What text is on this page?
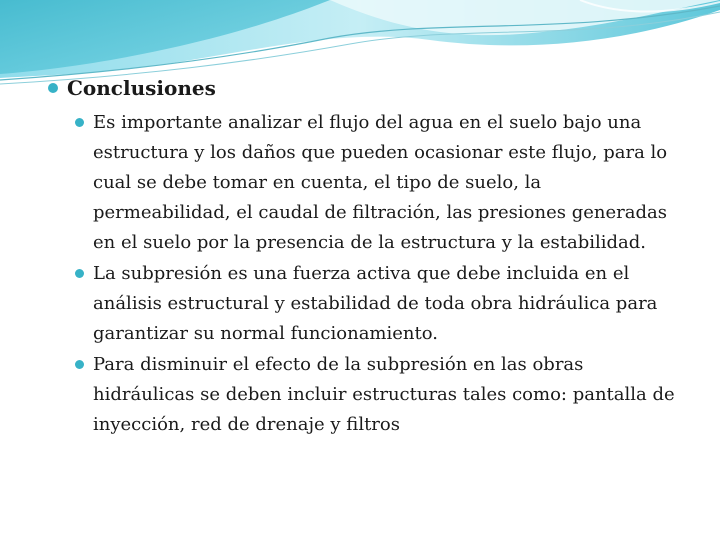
Conclusiones
Es importante analizar el flujo del agua en el suelo bajo una estructura y los daños que pueden ocasionar este flujo, para lo cual se debe tomar en cuenta, el tipo de suelo, la permeabilidad, el caudal de filtración, las presiones generadas en el suelo por la presencia de la estructura y la estabilidad.
La subpresión es una fuerza activa que debe incluida en el análisis estructural y estabilidad de toda obra hidráulica para garantizar su normal funcionamiento.
Para disminuir el efecto de la subpresión en las obras hidráulicas se deben incluir estructuras tales como: pantalla de inyección, red de drenaje y filtros
